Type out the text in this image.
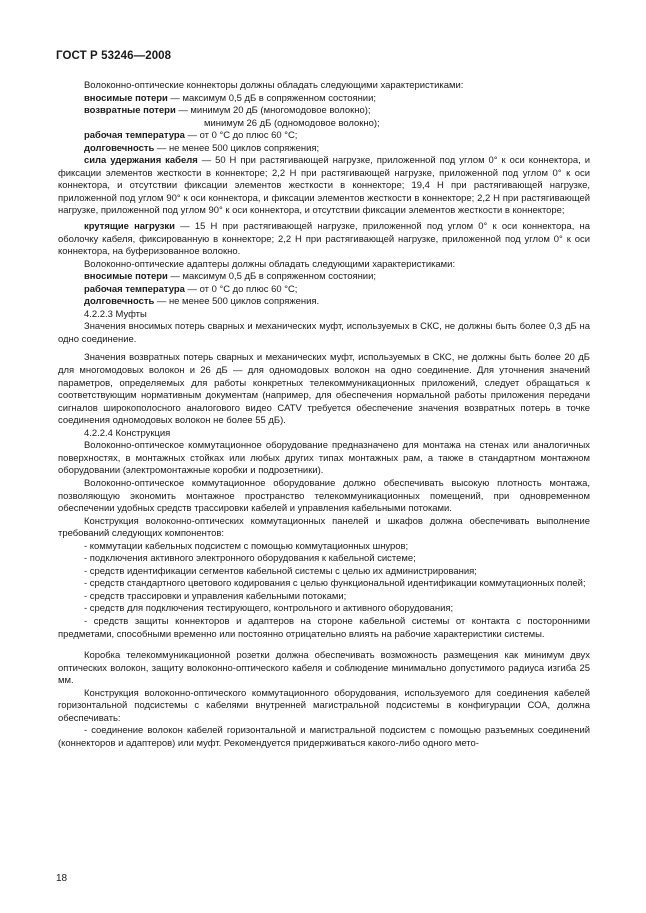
ГОСТ Р 53246—2008

Волоконно-оптические коннекторы должны обладать следующими характеристиками:

вносимые потери — максимум 0,5 дБ в сопряженном состоянии;

возвратные потери — минимум 20 дБ (многомодовое волокно);

минимум 26 дБ (одномодовое волокно);

рабочая температура — от 0 °С до плюс 60 °С;

долговечность — не менее 500 циклов сопряжения;

сила удержания кабеля — 50 Н при растягивающей нагрузке, приложенной под углом 0° к оси коннектора, и фиксации элементов жесткости в коннекторе; 2,2 Н при растягивающей нагрузке, приложенной под углом 0° к оси коннектора, и отсутствии фиксации элементов жесткости в коннекторе; 19,4 Н при растягивающей нагрузке, приложенной под углом 90° к оси коннектора, и фиксации элементов жесткости в коннекторе; 2,2 Н при растягивающей нагрузке, приложенной под углом 90° к оси коннектора, и отсутствии фиксации элементов жесткости в коннекторе;

крутящие нагрузки — 15 Н при растягивающей нагрузке, приложенной под углом 0° к оси коннектора, на оболочку кабеля, фиксированную в коннекторе; 2,2 Н при растягивающей нагрузке, приложенной под углом 0° к оси коннектора, на буферизованное волокно.

Волоконно-оптические адаптеры должны обладать следующими характеристиками:

вносимые потери — максимум 0,5 дБ в сопряженном состоянии;

рабочая температура — от 0 °С до плюс 60 °С;

долговечность — не менее 500 циклов сопряжения.

4.2.2.3 Муфты

Значения вносимых потерь сварных и механических муфт, используемых в СКС, не должны быть более 0,3 дБ на одно соединение.

Значения возвратных потерь сварных и механических муфт, используемых в СКС, не должны быть более 20 дБ для многомодовых волокон и 26 дБ — для одномодовых волокон на одно соединение. Для уточнения значений параметров, определяемых для работы конкретных телекоммуникационных приложений, следует обращаться к соответствующим нормативным документам (например, для обеспечения нормальной работы приложения передачи сигналов широкополосного аналогового видео CATV требуется обеспечение значения возвратных потерь в точке соединения одномодовых волокон не более 55 дБ).

4.2.2.4 Конструкция

Волоконно-оптическое коммутационное оборудование предназначено для монтажа на стенах или аналогичных поверхностях, в монтажных стойках или любых других типах монтажных рам, а также в стандартном монтажном оборудовании (электромонтажные коробки и подрозетники).

Волоконно-оптическое коммутационное оборудование должно обеспечивать высокую плотность монтажа, позволяющую экономить монтажное пространство телекоммуникационных помещений, при одновременном обеспечении удобных средств трассировки кабелей и управления кабельными потоками.

Конструкция волоконно-оптических коммутационных панелей и шкафов должна обеспечивать выполнение требований следующих компонентов:

- коммутации кабельных подсистем с помощью коммутационных шнуров;

- подключения активного электронного оборудования к кабельной системе;

- средств идентификации сегментов кабельной системы с целью их администрирования;

- средств стандартного цветового кодирования с целью функциональной идентификации коммутационных полей;

- средств трассировки и управления кабельными потоками;

- средств для подключения тестирующего, контрольного и активного оборудования;

- средств защиты коннекторов и адаптеров на стороне кабельной системы от контакта с посторонними предметами, способными временно или постоянно отрицательно влиять на рабочие характеристики системы.

Коробка телекоммуникационной розетки должна обеспечивать возможность размещения как минимум двух оптических волокон, защиту волоконно-оптического кабеля и соблюдение минимально допустимого радиуса изгиба 25 мм.

Конструкция волоконно-оптического коммутационного оборудования, используемого для соединения кабелей горизонтальной подсистемы с кабелями внутренней магистральной подсистемы в конфигурации СОА, должна обеспечивать:

- соединение волокон кабелей горизонтальной и магистральной подсистем с помощью разъемных соединений (коннекторов и адаптеров) или муфт. Рекомендуется придерживаться какого-либо одного мето-

18
